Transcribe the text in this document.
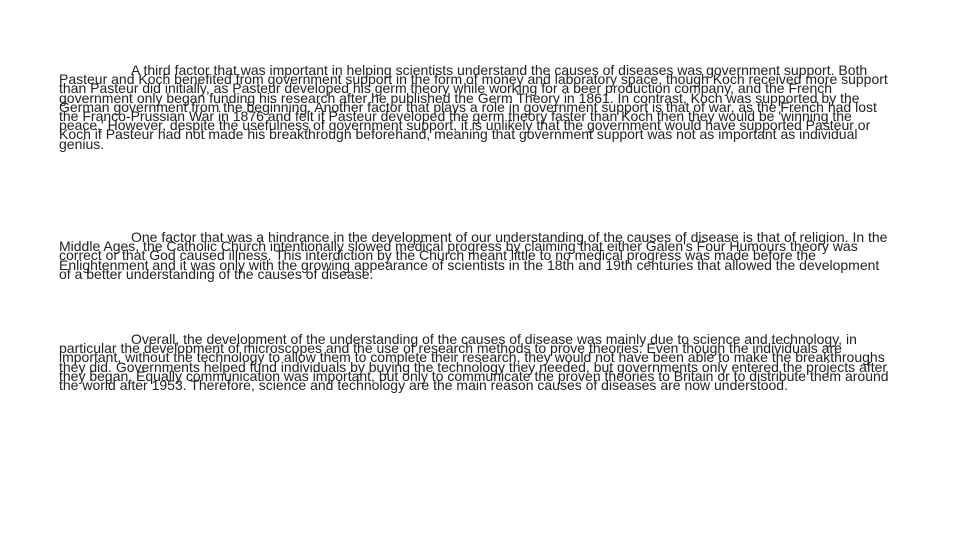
A third factor that was important in helping scientists understand the causes of diseases was government support. Both Pasteur and Koch benefited from government support in the form of money and laboratory space, though Koch received more support than Pasteur did initially, as Pasteur developed his germ theory while working for a beer production company, and the French government only began funding his research after he published the Germ Theory in 1861. In contrast, Koch was supported by the German government from the beginning. Another factor that plays a role in government support is that of war, as the French had lost the Franco-Prussian War in 1876 and felt if Pasteur developed the germ theory faster than Koch then they would be 'winning the peace.' However, despite the usefulness of government support, it is unlikely that the government would have supported Pasteur or Koch if Pasteur had not made his breakthrough beforehand, meaning that government support was not as important as individual genius.

One factor that was a hindrance in the development of our understanding of the causes of disease is that of religion. In the Middle Ages, the Catholic Church intentionally slowed medical progress by claiming that either Galen's Four Humours theory was correct or that God caused illness. This interdiction by the Church meant little to no medical progress was made before the Enlightenment and it was only with the growing appearance of scientists in the 18th and 19th centuries that allowed the development of a better understanding of the causes of disease.

Overall, the development of the understanding of the causes of disease was mainly due to science and technology, in particular the development of microscopes and the use of research methods to prove theories. Even though the individuals are important, without the technology to allow them to complete their research, they would not have been able to make the breakthroughs they did. Governments helped fund individuals by buying the technology they needed, but governments only entered the projects after they began. Equally communication was important, but only to communicate the proven theories to Britain or to distribute them around the world after 1953. Therefore, science and technology are the main reason causes of diseases are now understood.
